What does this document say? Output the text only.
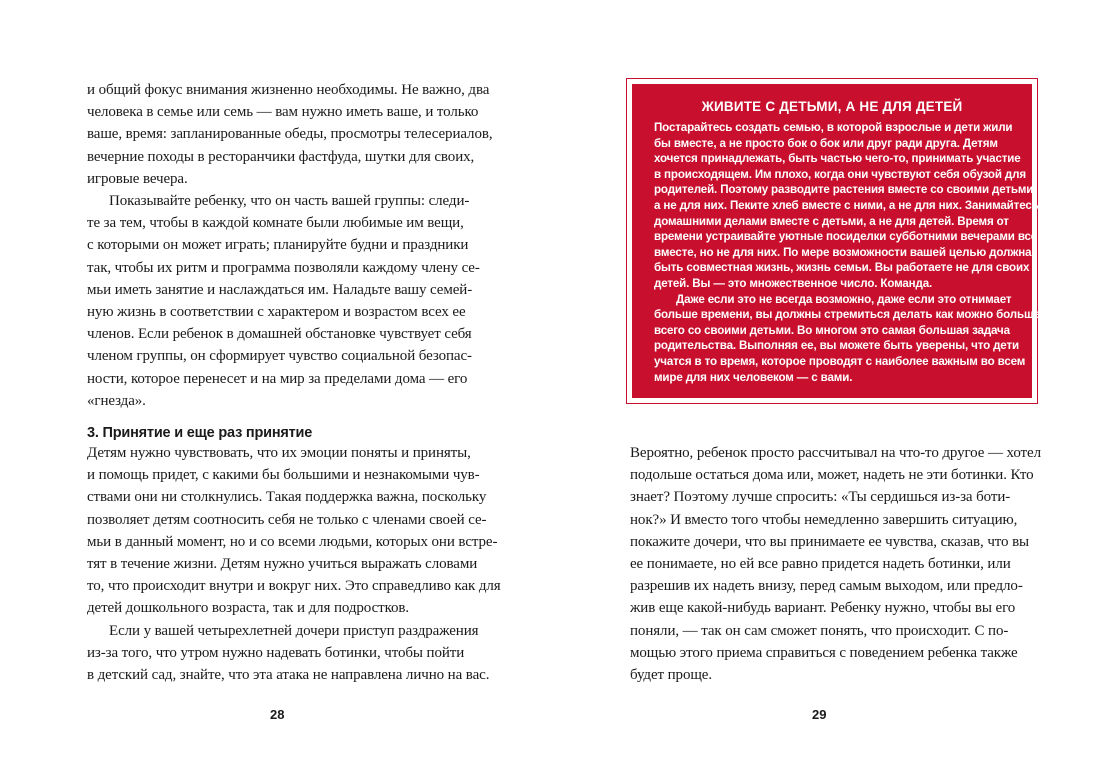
и общий фокус внимания жизненно необходимы. Не важно, два
человека в семье или семь — вам нужно иметь ваше, и только
ваше, время: запланированные обеды, просмотры телесериалов,
вечерние походы в ресторанчики фастфуда, шутки для своих,
игровые вечера.
Показывайте ребенку, что он часть вашей группы: следи-
те за тем, чтобы в каждой комнате были любимые им вещи,
с которыми он может играть; планируйте будни и праздники
так, чтобы их ритм и программа позволяли каждому члену се-
мьи иметь занятие и наслаждаться им. Наладьте вашу семей-
ную жизнь в соответствии с характером и возрастом всех ее
членов. Если ребенок в домашней обстановке чувствует себя
членом группы, он сформирует чувство социальной безопас-
ности, которое перенесет и на мир за пределами дома — его
«гнезда».
3. Принятие и еще раз принятие
Детям нужно чувствовать, что их эмоции поняты и приняты,
и помощь придет, с какими бы большими и незнакомыми чув-
ствами они ни столкнулись. Такая поддержка важна, поскольку
позволяет детям соотносить себя не только с членами своей се-
мьи в данный момент, но и со всеми людьми, которых они встре-
тят в течение жизни. Детям нужно учиться выражать словами
то, что происходит внутри и вокруг них. Это справедливо как для
детей дошкольного возраста, так и для подростков.
Если у вашей четырехлетней дочери приступ раздражения
из-за того, что утром нужно надевать ботинки, чтобы пойти
в детский сад, знайте, что эта атака не направлена лично на вас.
28
ЖИВИТЕ С ДЕТЬМИ, А НЕ ДЛЯ ДЕТЕЙ
Постарайтесь создать семью, в которой взрослые и дети жили
бы вместе, а не просто бок о бок или друг ради друга. Детям
хочется принадлежать, быть частью чего-то, принимать участие
в происходящем. Им плохо, когда они чувствуют себя обузой для
родителей. Поэтому разводите растения вместе со своими детьми,
а не для них. Пеките хлеб вместе с ними, а не для них. Занимайтесь
домашними делами вместе с детьми, а не для детей. Время от
времени устраивайте уютные посиделки субботними вечерами все
вместе, но не для них. По мере возможности вашей целью должна
быть совместная жизнь, жизнь семьи. Вы работаете не для своих
детей. Вы — это множественное число. Команда.
Даже если это не всегда возможно, даже если это отнимает
больше времени, вы должны стремиться делать как можно больше
всего со своими детьми. Во многом это самая большая задача
родительства. Выполняя ее, вы можете быть уверены, что дети
учатся в то время, которое проводят с наиболее важным во всем
мире для них человеком — с вами.
Вероятно, ребенок просто рассчитывал на что-то другое — хотел
подольше остаться дома или, может, надеть не эти ботинки. Кто
знает? Поэтому лучше спросить: «Ты сердишься из-за боти-
нок?» И вместо того чтобы немедленно завершить ситуацию,
покажите дочери, что вы принимаете ее чувства, сказав, что вы
ее понимаете, но ей все равно придется надеть ботинки, или
разрешив их надеть внизу, перед самым выходом, или предло-
жив еще какой-нибудь вариант. Ребенку нужно, чтобы вы его
поняли, — так он сам сможет понять, что происходит. С по-
мощью этого приема справиться с поведением ребенка также
будет проще.
29
